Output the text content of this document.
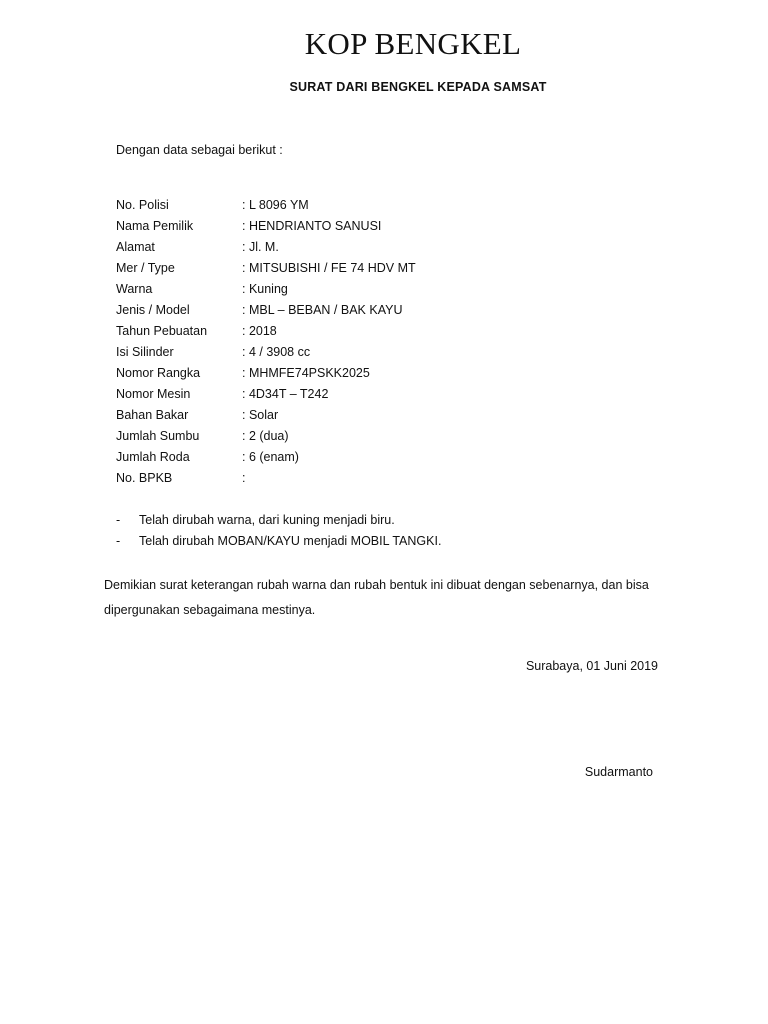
KOP BENGKEL
SURAT DARI BENGKEL KEPADA SAMSAT
Dengan data sebagai berikut :
No. Polisi	: L 8096 YM
Nama Pemilik	: HENDRIANTO SANUSI
Alamat	: Jl. M.
Mer / Type	: MITSUBISHI / FE 74 HDV MT
Warna	: Kuning
Jenis / Model	: MBL – BEBAN / BAK KAYU
Tahun Pebuatan	: 2018
Isi Silinder	: 4 / 3908 cc
Nomor Rangka	: MHMFE74PSKK2025
Nomor Mesin	: 4D34T – T242
Bahan Bakar	: Solar
Jumlah Sumbu	: 2 (dua)
Jumlah Roda	: 6 (enam)
No. BPKB	:
-	Telah dirubah warna, dari kuning menjadi biru.
-	Telah dirubah MOBAN/KAYU menjadi MOBIL TANGKI.
Demikian surat keterangan rubah warna dan rubah bentuk ini dibuat dengan sebenarnya, dan bisa dipergunakan sebagaimana mestinya.
Surabaya, 01 Juni 2019
Sudarmanto
